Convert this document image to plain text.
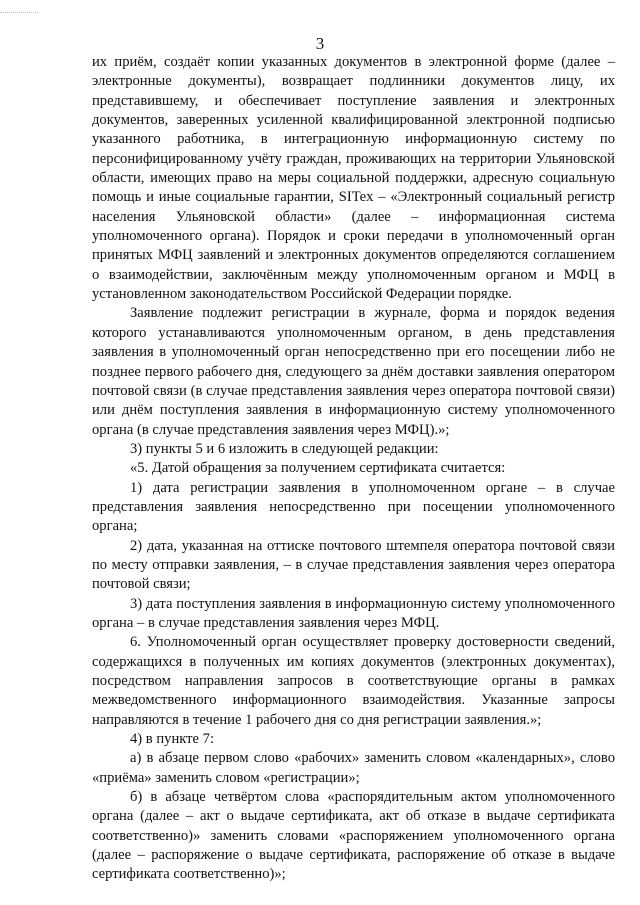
3

их приём, создаёт копии указанных документов в электронной форме (далее – электронные документы), возвращает подлинники документов лицу, их представившему, и обеспечивает поступление заявления и электронных документов, заверенных усиленной квалифицированной электронной подписью указанного работника, в интеграционную информационную систему по персонифицированному учёту граждан, проживающих на территории Ульяновской области, имеющих право на меры социальной поддержки, адресную социальную помощь и иные социальные гарантии, SITex – «Электронный социальный регистр населения Ульяновской области» (далее – информационная система уполномоченного органа). Порядок и сроки передачи в уполномоченный орган принятых МФЦ заявлений и электронных документов определяются соглашением о взаимодействии, заключённым между уполномоченным органом и МФЦ в установленном законодательством Российской Федерации порядке.

Заявление подлежит регистрации в журнале, форма и порядок ведения которого устанавливаются уполномоченным органом, в день представления заявления в уполномоченный орган непосредственно при его посещении либо не позднее первого рабочего дня, следующего за днём доставки заявления оператором почтовой связи (в случае представления заявления через оператора почтовой связи) или днём поступления заявления в информационную систему уполномоченного органа (в случае представления заявления через МФЦ).»;

3) пункты 5 и 6 изложить в следующей редакции:

«5. Датой обращения за получением сертификата считается:

1) дата регистрации заявления в уполномоченном органе – в случае представления заявления непосредственно при посещении уполномоченного органа;

2) дата, указанная на оттиске почтового штемпеля оператора почтовой связи по месту отправки заявления, – в случае представления заявления через оператора почтовой связи;

3) дата поступления заявления в информационную систему уполномоченного органа – в случае представления заявления через МФЦ.

6. Уполномоченный орган осуществляет проверку достоверности сведений, содержащихся в полученных им копиях документов (электронных документах), посредством направления запросов в соответствующие органы в рамках межведомственного информационного взаимодействия. Указанные запросы направляются в течение 1 рабочего дня со дня регистрации заявления.»;

4) в пункте 7:

а) в абзаце первом слово «рабочих» заменить словом «календарных», слово «приёма» заменить словом «регистрации»;

б) в абзаце четвёртом слова «распорядительным актом уполномоченного органа (далее – акт о выдаче сертификата, акт об отказе в выдаче сертификата соответственно)» заменить словами «распоряжением уполномоченного органа (далее – распоряжение о выдаче сертификата, распоряжение об отказе в выдаче сертификата соответственно)»;
